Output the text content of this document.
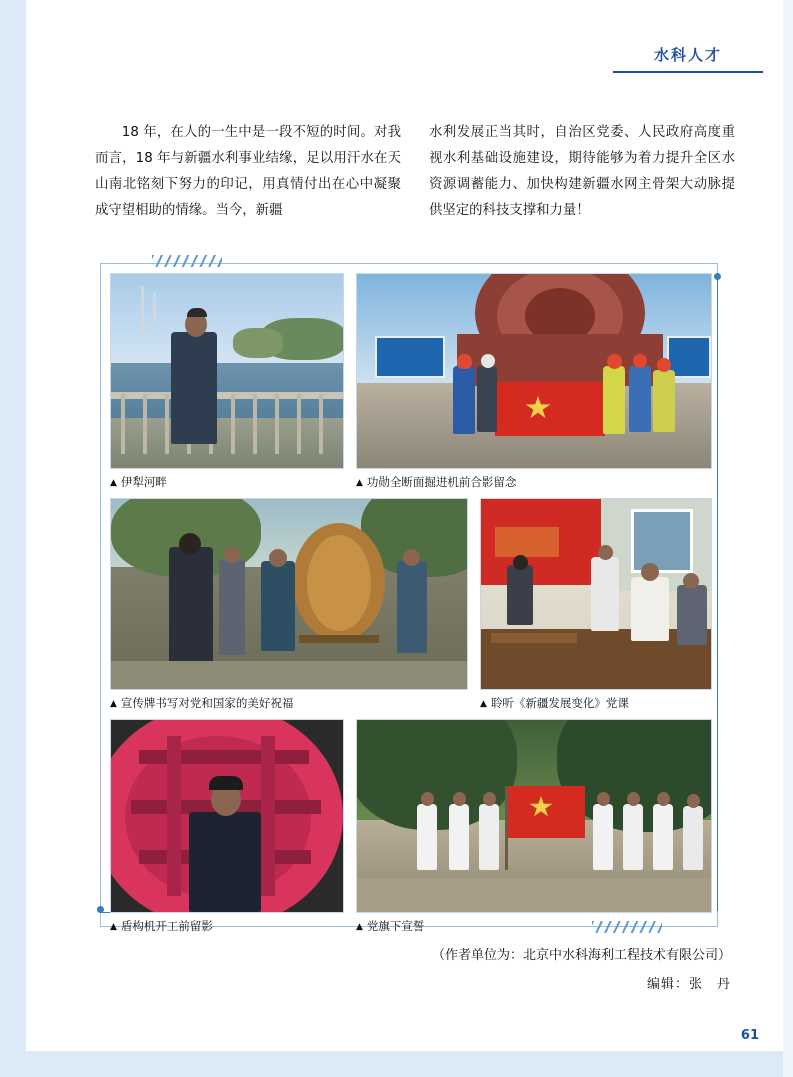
水科人才

18 年，在人的一生中是一段不短的时间。对我而言，18 年与新疆水利事业结缘，足以用汗水在天山南北铭刻下努力的印记，用真情付出在心中凝聚成守望相助的情缘。当今，新疆

水利发展正当其时，自治区党委、人民政府高度重视水利基础设施建设，期待能够为着力提升全区水资源调蓄能力、加快构建新疆水网主骨架大动脉提供坚定的科技支撑和力量！

▲ 伊犁河畔	▲ 功勋全断面掘进机前合影留念
▲ 宣传牌书写对党和国家的美好祝福	▲ 聆听《新疆发展变化》党课
▲ 盾构机开工前留影	▲ 党旗下宣誓
（作者单位为：北京中水科海利工程技术有限公司）
编辑：张　丹
61
